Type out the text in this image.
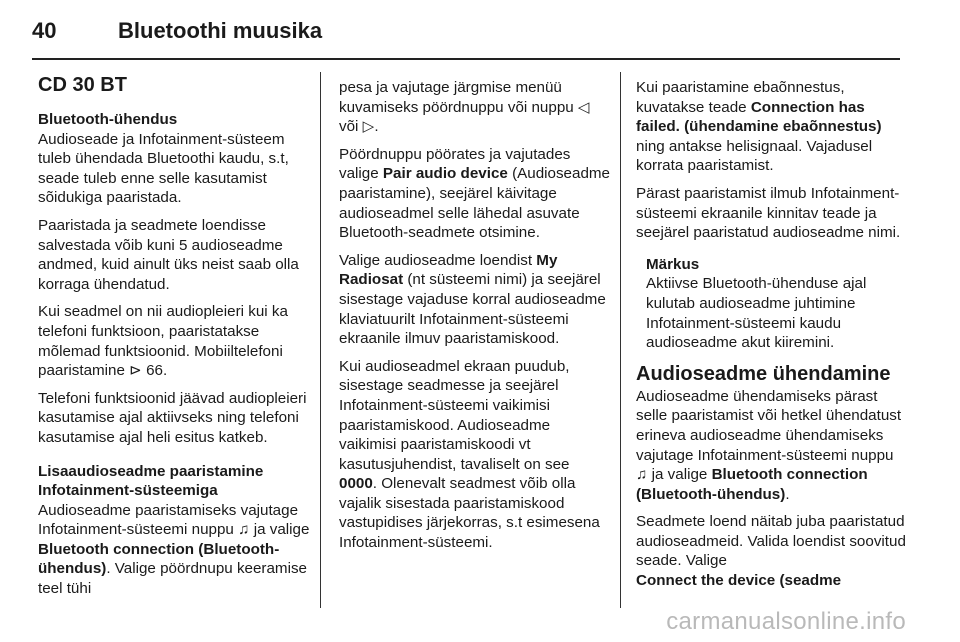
40	Bluetoothi muusika
CD 30 BT
Bluetooth-ühendus

Audioseade ja Infotainment-süsteem tuleb ühendada Bluetoothi kaudu, s.t, seade tuleb enne selle kasutamist sõidukiga paaristada.

Paaristada ja seadmete loendisse salvestada võib kuni 5 audioseadme andmed, kuid ainult üks neist saab olla korraga ühendatud.

Kui seadmel on nii audiopleieri kui ka telefoni funktsioon, paaristatakse mõlemad funktsioonid. Mobiiltelefoni paaristamine ⊳ 66.

Telefoni funktsioonid jäävad audiopleieri kasutamise ajal aktiivseks ning telefoni kasutamise ajal heli esitus katkeb.

Lisaaudioseadme paaristamine Infotainment-süsteemiga

Audioseadme paaristamiseks vajutage Infotainment-süsteemi nuppu ♫ ja valige Bluetooth connection (Bluetooth-ühendus). Valige pöördnupu keeramise teel tühi

pesa ja vajutage järgmise menüü kuvamiseks pöördnuppu või nuppu ◁ või ▷.

Pöördnuppu pöörates ja vajutades valige Pair audio device (Audioseadme paaristamine), seejärel käivitage audioseadmel selle lähedal asuvate Bluetooth-seadmete otsimine.

Valige audioseadme loendist My Radiosat (nt süsteemi nimi) ja seejärel sisestage vajaduse korral audioseadme klaviatuurilt Infotainment-süsteemi ekraanile ilmuv paaristamiskood.

Kui audioseadmel ekraan puudub, sisestage seadmesse ja seejärel Infotainment-süsteemi vaikimisi paaristamiskood. Audioseadme vaikimisi paaristamiskoodi vt kasutusjuhendist, tavaliselt on see 0000. Olenevalt seadmest võib olla vajalik sisestada paaristamiskood vastupidises järjekorras, s.t esimesena Infotainment-süsteemi.

Kui paaristamine ebaõnnestus, kuvatakse teade Connection has failed. (ühendamine ebaõnnestus) ning antakse helisignaal. Vajadusel korrata paaristamist.

Pärast paaristamist ilmub Infotainment-süsteemi ekraanile kinnitav teade ja seejärel paaristatud audioseadme nimi.

Märkus
Aktiivse Bluetooth-ühenduse ajal kulutab audioseadme juhtimine Infotainment-süsteemi kaudu audioseadme akut kiiremini.
Audioseadme ühendamine

Audioseadme ühendamiseks pärast selle paaristamist või hetkel ühendatust erineva audioseadme ühendamiseks vajutage Infotainment-süsteemi nuppu ♫ ja valige Bluetooth connection (Bluetooth-ühendus).

Seadmete loend näitab juba paaristatud audioseadmeid. Valida loendist soovitud seade. Valige
Connect the device (seadme

carmanualsonline.info
